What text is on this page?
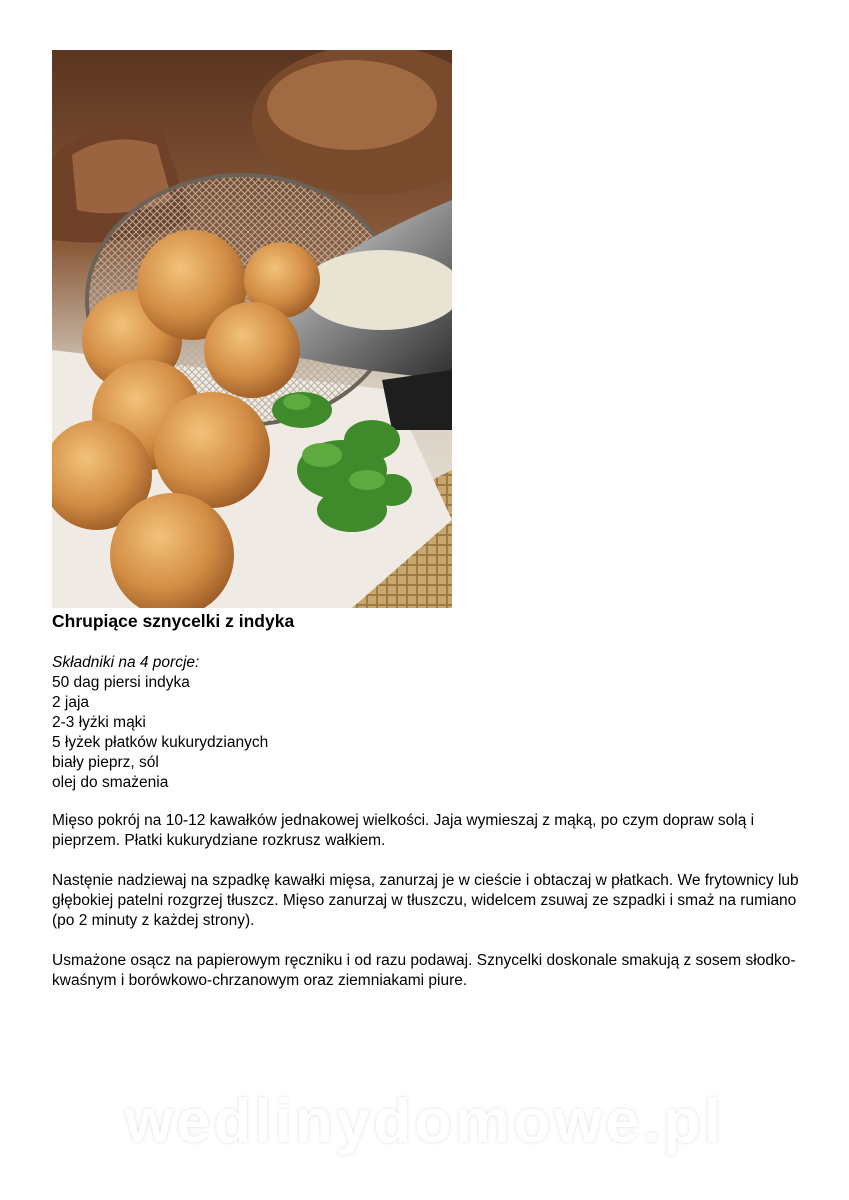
Chrupiące sznycelki z indyka
Składniki na 4 porcje:
50 dag piersi indyka
2 jaja
2-3 łyżki mąki
5 łyżek płatków kukurydzianych
biały pieprz, sól
olej do smażenia

Mięso pokrój na 10-12 kawałków jednakowej wielkości. Jaja wymieszaj z mąką, po czym dopraw solą i pieprzem. Płatki kukurydziane rozkrusz wałkiem.

Nastęnie nadziewaj na szpadkę kawałki mięsa, zanurzaj je w cieście i obtaczaj w płatkach. We frytownicy lub głębokiej patelni rozgrzej tłuszcz. Mięso zanurzaj w tłuszczu, widelcem zsuwaj ze szpadki i smaż na rumiano (po 2 minuty z każdej strony).

Usmażone osącz na papierowym ręczniku i od razu podawaj. Sznycelki doskonale smakują z sosem słodko-kwaśnym i borówkowo-chrzanowym oraz ziemniakami piure.

wedlinydomowe.pl
